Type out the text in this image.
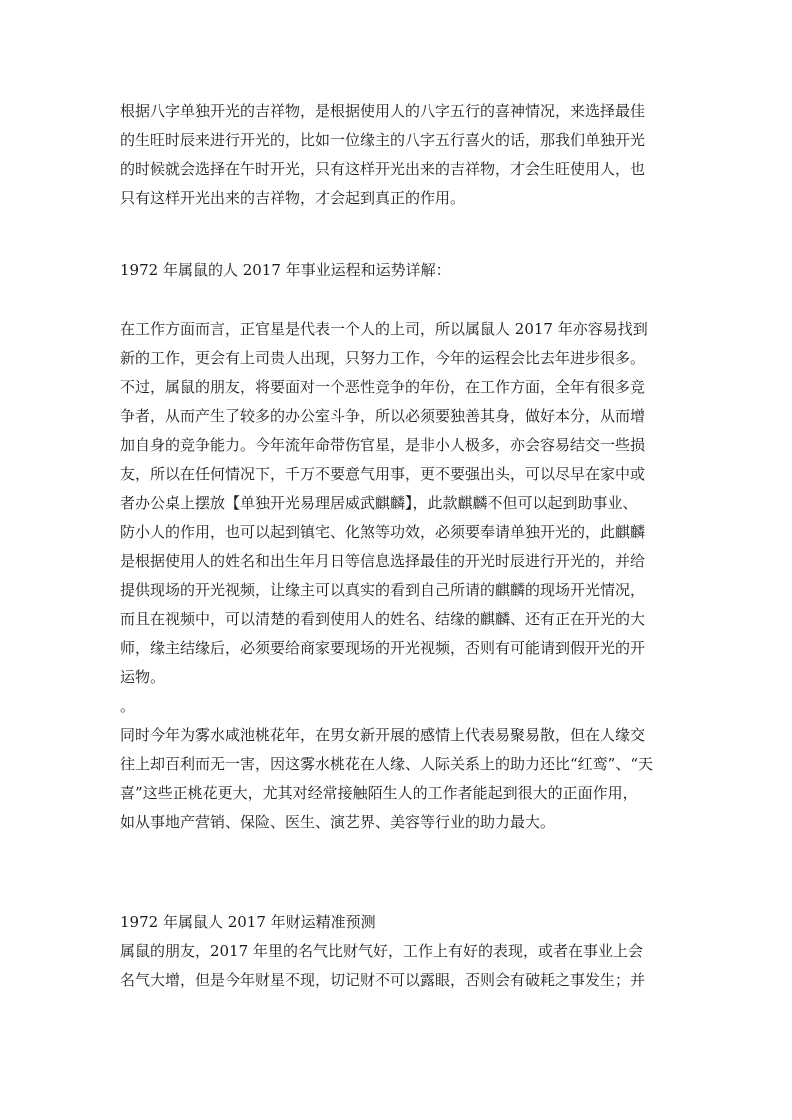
根据八字单独开光的吉祥物，是根据使用人的八字五行的喜神情况，来选择最佳
的生旺时辰来进行开光的，比如一位缘主的八字五行喜火的话，那我们单独开光
的时候就会选择在午时开光，只有这样开光出来的吉祥物，才会生旺使用人，也
只有这样开光出来的吉祥物，才会起到真正的作用。
1972 年属鼠的人 2017 年事业运程和运势详解：
在工作方面而言，正官星是代表一个人的上司，所以属鼠人 2017 年亦容易找到
新的工作，更会有上司贵人出现，只努力工作，今年的运程会比去年进步很多。
不过，属鼠的朋友，将要面对一个恶性竞争的年份，在工作方面，全年有很多竞
争者，从而产生了较多的办公室斗争，所以必须要独善其身，做好本分，从而增
加自身的竞争能力。今年流年命带伤官星，是非小人极多，亦会容易结交一些损
友，所以在任何情况下，千万不要意气用事，更不要强出头，可以尽早在家中或
者办公桌上摆放【单独开光易理居威武麒麟】，此款麒麟不但可以起到助事业、
防小人的作用，也可以起到镇宅、化煞等功效，必须要奉请单独开光的，此麒麟
是根据使用人的姓名和出生年月日等信息选择最佳的开光时辰进行开光的，并给
提供现场的开光视频，让缘主可以真实的看到自己所请的麒麟的现场开光情况，
而且在视频中，可以清楚的看到使用人的姓名、结缘的麒麟、还有正在开光的大
师，缘主结缘后，必须要给商家要现场的开光视频，否则有可能请到假开光的开
运物。
。
同时今年为雾水咸池桃花年，在男女新开展的感情上代表易聚易散，但在人缘交
往上却百利而无一害，因这雾水桃花在人缘、人际关系上的助力还比“红鸾”、“天
喜”这些正桃花更大，尤其对经常接触陌生人的工作者能起到很大的正面作用，
如从事地产营销、保险、医生、演艺界、美容等行业的助力最大。
1972 年属鼠人 2017 年财运精准预测
属鼠的朋友，2017 年里的名气比财气好，工作上有好的表现，或者在事业上会
名气大增，但是今年财星不现，切记财不可以露眼，否则会有破耗之事发生；并
